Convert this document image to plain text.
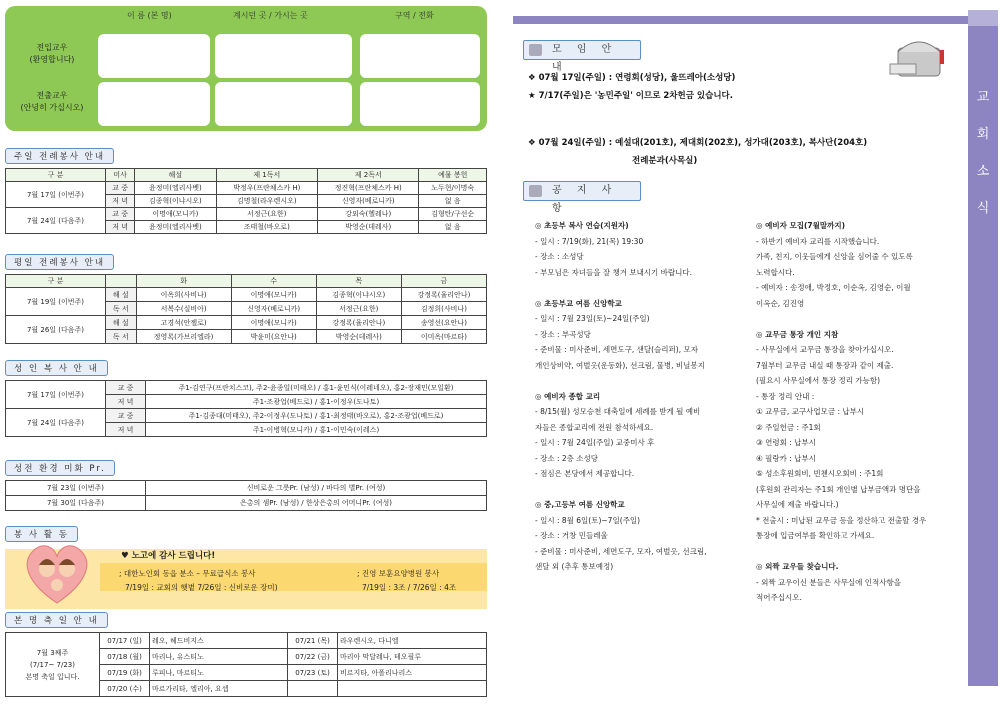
이 름 (본 명)	계시던 곳 / 가시는 곳	구역 / 전화
전입교우
(환영합니다)
전출교우
(안녕히 가십시오)
주일 전례봉사 안내
구 분	미사	해설	제 1독서	제 2독서	예물 봉헌
7월 17일 (이번주)	교 중	윤정미(엘리사벳)	박정우(프란체스카 H)	정진혁(프란체스카 H)	노두현/이명숙
	저 녁	김종혁(이냐시오)	김명철(라우렌시오)	신영자(베로니카)	없 음
7월 24일 (다음주)	교 중	이명애(모니카)	서정근(요한)	강외숙(헬레나)	김형탄/구선순
	저 녁	윤정미(엘리사벳)	조태철(바오로)	박영순(데레사)	없 음
평일 전례봉사 안내
구 분		화	수	목	금
7월 19일 (이번주)	해 설	이옥희(사비나)	이명애(모니카)	김종혁(이냐시오)	강정록(율리안나)
	독 서	서복수(실비아)	신영자(베로니카)	서정근(요한)	김정희(사비나)
7월 26일 (다음주)	해 설	고경석(안젤로)	이명애(모니카)	강정록(율리안나)	송영선(요안나)
	독 서	정영록(가브리엘라)	박윤미(요안나)	박영순(데레사)	이미옥(마르타)
성 인 복 사 안 내
7월 17일 (이번주)	교 중	주1-김연구(프란치스코), 주2-윤종일(미태오) / 홍1-윤민식(이레네오), 홍2-장재민(모일환)
	저 녁	주1-조광업(베드로) / 홍1-이정우(도나토)
7월 24일 (다음주)	교 중	주1-김종대(미태오), 주2-이정우(도나토) / 홍1-최정태(바오로), 홍2-조광업(베드로)
	저 녁	주1-이병혁(모니카) / 홍1-이민숙(이레스)
성전 환경 미화 Pr.
7월 23일 (이번주)	신비로운 그릇Pr. (남성) / 바다의 별Pr. (여성)
7월 30일 (다음주)	은총의 샘Pr. (남성) / 한상은총의 어머니Pr. (여성)
봉 사 활 동
♥ 노고에 감사 드립니다!
; 대한노인회 동읍 분소 – 무료급식소 봉사	; 진영 보훈요양병원 봉사
7/19일 : 교회의 햇볕 7/26일 : 신비로운 장미)	7/19일 : 3조 / 7/26일 : 4조
본 명 축 일 안 내
7월 3째주
(7/17~ 7/23)
본명 축일 입니다.	07/17 (일)	레오, 헤드비지스	07/21 (목)	라우렌시오, 다니엘
	07/18 (월)	마리나, 유스티노	07/22 (금)	마리아 막달레나, 테오필루
	07/19 (화)	루피나, 마르티노	07/23 (토)	비르지타, 아폴리나리스
	07/20 (수)	마르가리타, 엘리아, 요셉		
교
회
소
식
모 임 안 내
❖ 07월 17일(주일) : 연령회(성당), 울뜨레아(소성당)
★ 7/17(주일)은 '농민주일' 이므로 2차헌금 있습니다.
❖ 07월 24일(주일) : 예설대(201호), 제대회(202호), 성가대(203호), 복사단(204호)
전례분과(사목실)
공 지 사 항
◎ 초등부 복사 연습(지원자)
- 일시 : 7/19(화), 21(목) 19:30
- 장소 : 소성당
- 부모님은 자녀들을 잘 챙겨 보내시기 바랍니다.
◎ 초등부교 여름 신앙학교
- 일시 : 7월 23일(토)~24일(주일)
- 장소 : 부곡성당
- 준비물 : 미사준비, 세면도구, 샌달(슬리퍼), 모자
개인상비약, 여벌옷(운동화), 선크림, 물병, 비닐봉지
◎ 예비자 종합 교리
- 8/15(월) 성모승천 대축일에 세례를 받게 될 예비
자들은 종합교리에 전원 참석하세요.
- 일시 : 7월 24일(주일) 교중미사 후
- 장소 : 2층 소성당
- 점심은 본당에서 제공합니다.
◎ 중,고등부 여름 신앙학교
- 일시 : 8월 6일(토)~7일(주일)
- 장소 : 거창 민들레울
- 준비물 : 미사준비, 세면도구, 모자, 여벌옷, 선크림,
샌달 외 (추후 통보예정)
◎ 예비자 모집(7월말까지)
- 하반기 예비자 교리를 시작했습니다.
가족, 친지, 이웃들에게 신앙을 심어줄 수 있도록
노력합시다.
- 예비자 : 송정애, 박정호, 이순옥, 김영순, 이월
이옥순, 김진영
◎ 교무금 통장 개인 지참
- 사무실에서 교무금 통장을 찾아가십시오.
7월부터 교무금 내실 때 통장과 같이 제출.
(필요시 사무실에서 통장 정리 가능함)
- 통장 정리 안내 :
① 교무금, 교구사업모금 : 납부시
② 주일헌금 : 주1회
③ 연령회 : 납부시
④ 필랑카 : 납부시
⑤ 성소후원회비, 빈첸시오회비 : 주1회
(후원회 관리자는 주1회 개인별 납부금액과 명단을
사무실에 제출 바랍니다.)
* 전출시 : 미납된 교무금 등을 정산하고 전출할 경우
통장에 입금여부를 확인하고 가세요.
◎ 외짝 교우들 찾습니다.
- 외짝 교우이신 분들은 사무실에 인적사항을
적어주십시오.
